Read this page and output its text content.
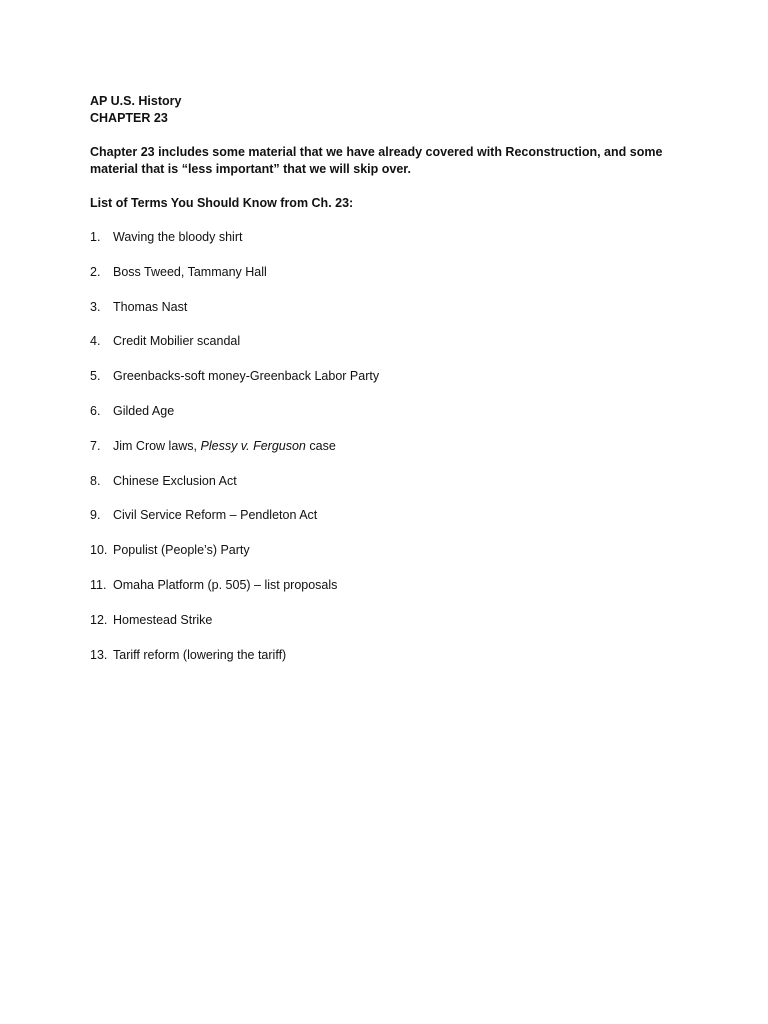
AP U.S. History
CHAPTER 23
Chapter 23 includes some material that we have already covered with Reconstruction, and some
material that is “less important” that we will skip over.
List of Terms You Should Know from Ch. 23:
1.	Waving the bloody shirt
2.	Boss Tweed, Tammany Hall
3.	Thomas Nast
4.	Credit Mobilier scandal
5.	Greenbacks-soft money-Greenback Labor Party
6.	Gilded Age
7.	Jim Crow laws, Plessy v. Ferguson case
8.	Chinese Exclusion Act
9.	Civil Service Reform – Pendleton Act
10. Populist (People’s) Party
11. Omaha Platform (p. 505) – list proposals
12. Homestead Strike
13. Tariff reform (lowering the tariff)
